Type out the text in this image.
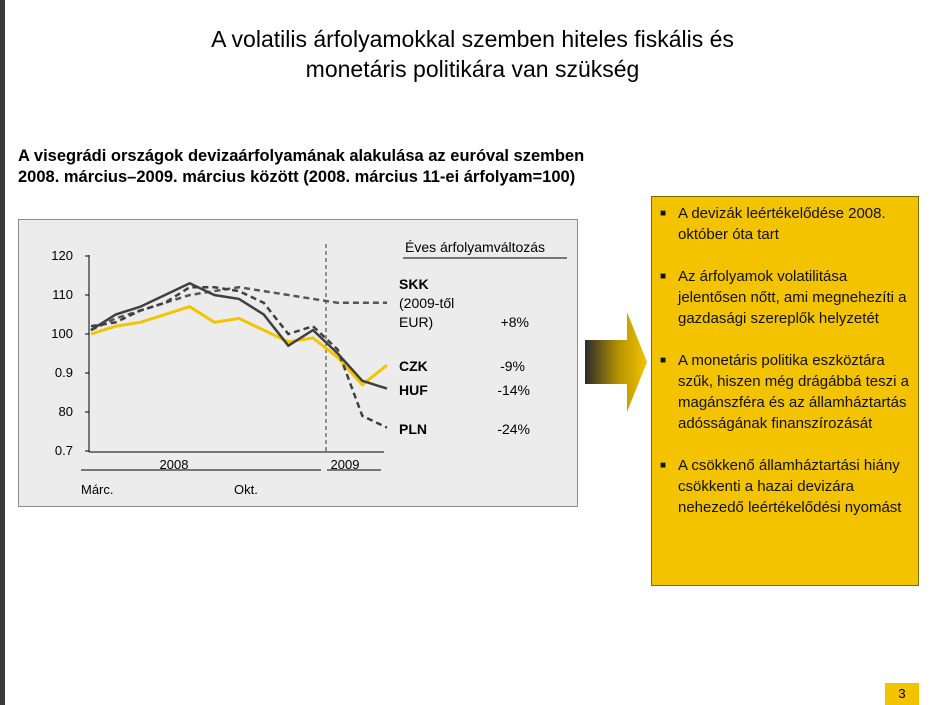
A volatilis árfolyamokkal szemben hiteles fiskális és
monetáris politikára van szükség
A visegrádi országok devizaárfolyamának alakulása az euróval szemben 2008. március–2009. március között (2008. március 11-ei árfolyam=100)
120
110
100
0.9
80
0.7
2008	2009
Márc.	Okt.
Éves árfolyamváltozás
SKK
(2009-től
EUR)	+8%
CZK	-9%
HUF	-14%
PLN	-24%
■ A devizák leértékelődése 2008. október óta tart
■ Az árfolyamok volatilitása jelentősen nőtt, ami megnehezíti a gazdasági szereplők helyzetét
■ A monetáris politika eszköztára szűk, hiszen még drágábbá teszi a magánszféra és az államháztartás adósságának finanszírozását
■ A csökkenő államháztartási hiány csökkenti a hazai devizára nehezedő leértékelődési nyomást
3
